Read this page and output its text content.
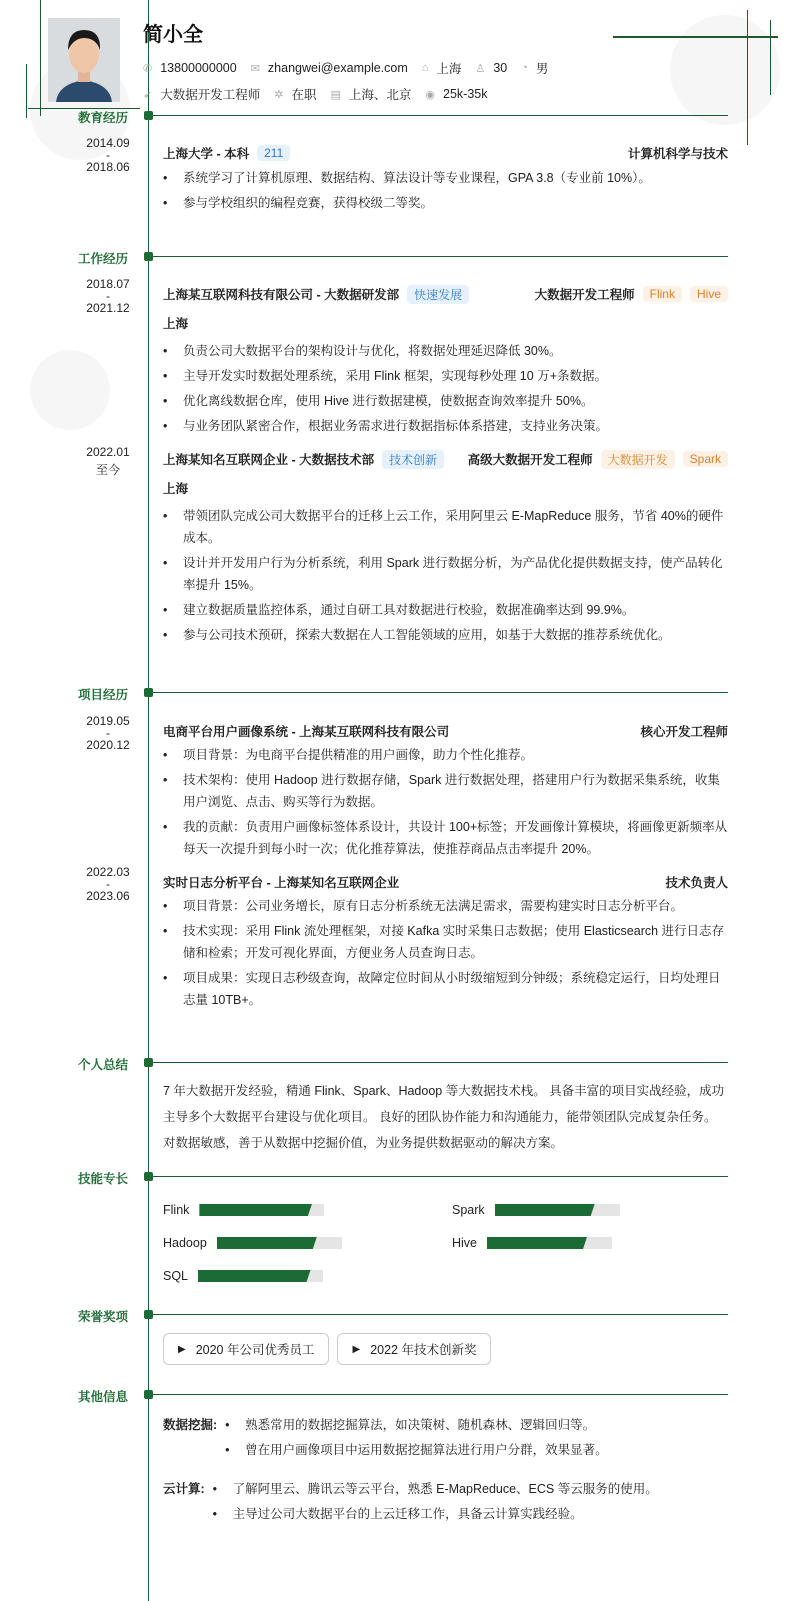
简小全
✆ 13800000000 ✉ zhangwei@example.com ⌂ 上海 ♙ 30 ◔ 男
➶ 大数据开发工程师 ✲ 在职 ▤ 上海、北京 ◉ 25k-35k
教育经历
2014.09
-
2018.06
上海大学 - 本科	211	计算机科学与技术
• 系统学习了计算机原理、数据结构、算法设计等专业课程，GPA 3.8（专业前 10%）。
• 参与学校组织的编程竞赛，获得校级二等奖。
工作经历
2018.07
-
2021.12
上海某互联网科技有限公司 - 大数据研发部	快速发展	大数据开发工程师	Flink	Hive
上海
• 负责公司大数据平台的架构设计与优化，将数据处理延迟降低 30%。
• 主导开发实时数据处理系统，采用 Flink 框架，实现每秒处理 10 万+条数据。
• 优化离线数据仓库，使用 Hive 进行数据建模，使数据查询效率提升 50%。
• 与业务团队紧密合作，根据业务需求进行数据指标体系搭建，支持业务决策。
2022.01
至今
上海某知名互联网企业 - 大数据技术部	技术创新	高级大数据开发工程师	大数据开发	Spark
上海
• 带领团队完成公司大数据平台的迁移上云工作，采用阿里云 E-MapReduce 服务，节省 40%的硬件成本。
• 设计并开发用户行为分析系统，利用 Spark 进行数据分析，为产品优化提供数据支持，使产品转化率提升 15%。
• 建立数据质量监控体系，通过自研工具对数据进行校验，数据准确率达到 99.9%。
• 参与公司技术预研，探索大数据在人工智能领域的应用，如基于大数据的推荐系统优化。
项目经历
2019.05
-
2020.12
电商平台用户画像系统 - 上海某互联网科技有限公司	核心开发工程师
• 项目背景：为电商平台提供精准的用户画像，助力个性化推荐。
• 技术架构：使用 Hadoop 进行数据存储，Spark 进行数据处理，搭建用户行为数据采集系统，收集用户浏览、点击、购买等行为数据。
• 我的贡献：负责用户画像标签体系设计，共设计 100+标签；开发画像计算模块，将画像更新频率从每天一次提升到每小时一次；优化推荐算法，使推荐商品点击率提升 20%。
2022.03
-
2023.06
实时日志分析平台 - 上海某知名互联网企业	技术负责人
• 项目背景：公司业务增长，原有日志分析系统无法满足需求，需要构建实时日志分析平台。
• 技术实现：采用 Flink 流处理框架，对接 Kafka 实时采集日志数据；使用 Elasticsearch 进行日志存储和检索；开发可视化界面，方便业务人员查询日志。
• 项目成果：实现日志秒级查询，故障定位时间从小时级缩短到分钟级；系统稳定运行，日均处理日志量 10TB+。
个人总结
7 年大数据开发经验，精通 Flink、Spark、Hadoop 等大数据技术栈。 具备丰富的项目实战经验，成功主导多个大数据平台建设与优化项目。 良好的团队协作能力和沟通能力，能带领团队完成复杂任务。 对数据敏感，善于从数据中挖掘价值，为业务提供数据驱动的解决方案。
技能专长
Flink	Spark
Hadoop	Hive
SQL
荣誉奖项
▶ 2020 年公司优秀员工	▶ 2022 年技术创新奖
其他信息
数据挖掘:	• 熟悉常用的数据挖掘算法，如决策树、随机森林、逻辑回归等。
• 曾在用户画像项目中运用数据挖掘算法进行用户分群，效果显著。
云计算:	• 了解阿里云、腾讯云等云平台，熟悉 E-MapReduce、ECS 等云服务的使用。
• 主导过公司大数据平台的上云迁移工作，具备云计算实践经验。
